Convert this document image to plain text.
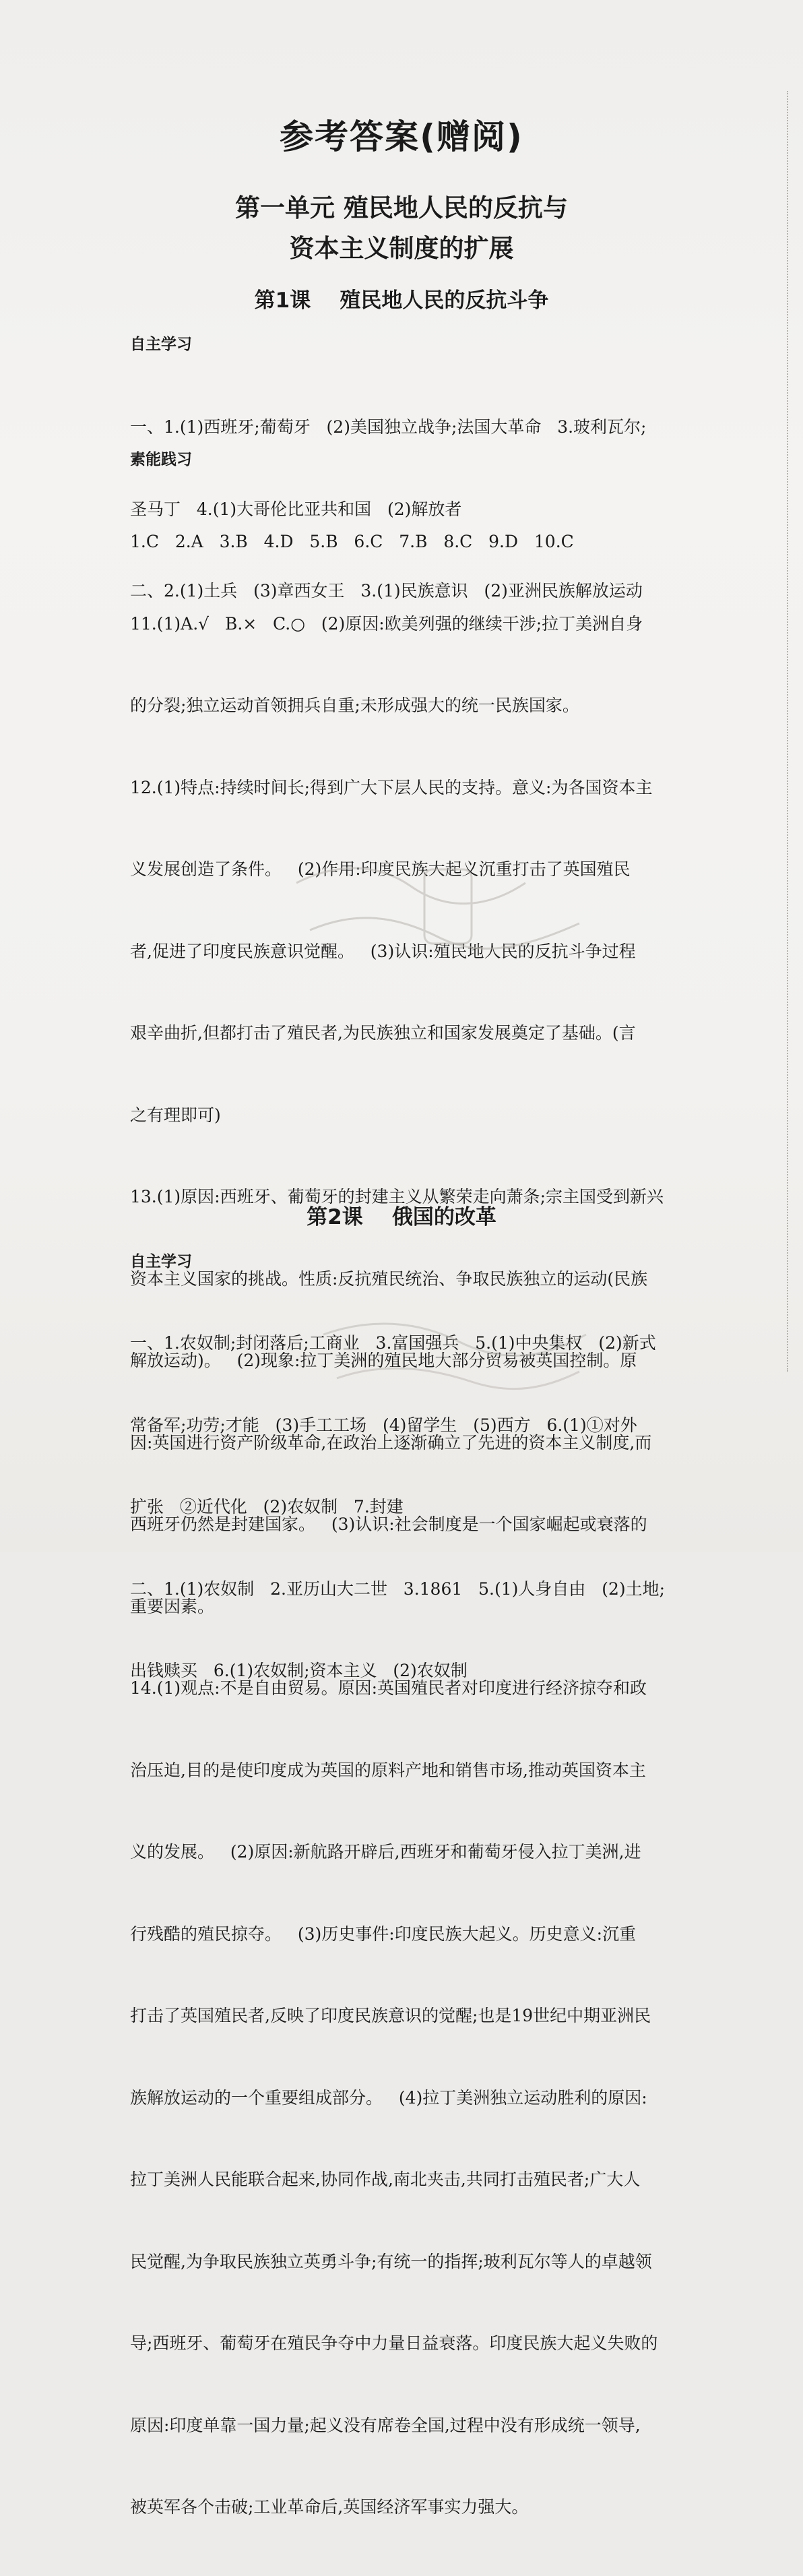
参考答案(赠阅)
第一单元 殖民地人民的反抗与
资本主义制度的扩展
第1课    殖民地人民的反抗斗争
自主学习

一、1.(1)西班牙;葡萄牙   (2)美国独立战争;法国大革命   3.玻利瓦尔;

圣马丁   4.(1)大哥伦比亚共和国   (2)解放者

二、2.(1)土兵   (3)章西女王   3.(1)民族意识   (2)亚洲民族解放运动

素能践习

1.C   2.A   3.B   4.D   5.B   6.C   7.B   8.C   9.D   10.C

11.(1)A.√   B.×   C.○   (2)原因:欧美列强的继续干涉;拉丁美洲自身

的分裂;独立运动首领拥兵自重;未形成强大的统一民族国家。

12.(1)特点:持续时间长;得到广大下层人民的支持。意义:为各国资本主

义发展创造了条件。   (2)作用:印度民族大起义沉重打击了英国殖民

者,促进了印度民族意识觉醒。   (3)认识:殖民地人民的反抗斗争过程

艰辛曲折,但都打击了殖民者,为民族独立和国家发展奠定了基础。(言

之有理即可)

13.(1)原因:西班牙、葡萄牙的封建主义从繁荣走向萧条;宗主国受到新兴

资本主义国家的挑战。性质:反抗殖民统治、争取民族独立的运动(民族

解放运动)。   (2)现象:拉丁美洲的殖民地大部分贸易被英国控制。原

因:英国进行资产阶级革命,在政治上逐渐确立了先进的资本主义制度,而

西班牙仍然是封建国家。   (3)认识:社会制度是一个国家崛起或衰落的

重要因素。

14.(1)观点:不是自由贸易。原因:英国殖民者对印度进行经济掠夺和政

治压迫,目的是使印度成为英国的原料产地和销售市场,推动英国资本主

义的发展。   (2)原因:新航路开辟后,西班牙和葡萄牙侵入拉丁美洲,进

行残酷的殖民掠夺。   (3)历史事件:印度民族大起义。历史意义:沉重

打击了英国殖民者,反映了印度民族意识的觉醒;也是19世纪中期亚洲民

族解放运动的一个重要组成部分。   (4)拉丁美洲独立运动胜利的原因:

拉丁美洲人民能联合起来,协同作战,南北夹击,共同打击殖民者;广大人

民觉醒,为争取民族独立英勇斗争;有统一的指挥;玻利瓦尔等人的卓越领

导;西班牙、葡萄牙在殖民争夺中力量日益衰落。印度民族大起义失败的

原因:印度单靠一国力量;起义没有席卷全国,过程中没有形成统一领导,

被英军各个击破;工业革命后,英国经济军事实力强大。

第2课    俄国的改革
自主学习

一、1.农奴制;封闭落后;工商业   3.富国强兵   5.(1)中央集权   (2)新式

常备军;功劳;才能   (3)手工工场   (4)留学生   (5)西方   6.(1)①对外

扩张   ②近代化   (2)农奴制   7.封建

二、1.(1)农奴制   2.亚历山大二世   3.1861   5.(1)人身自由   (2)土地;

出钱赎买   6.(1)农奴制;资本主义   (2)农奴制
